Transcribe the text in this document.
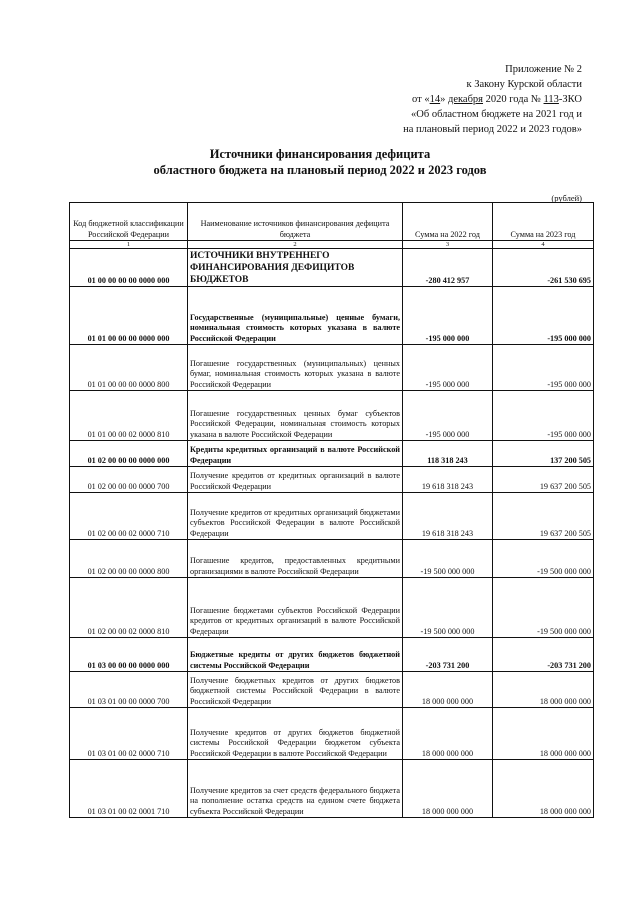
Приложение № 2
к Закону Курской области
от «14» декабря 2020 года № 113-ЗКО
«Об областном бюджете на 2021 год и
на плановый период 2022 и 2023 годов»
Источники финансирования дефицита
областного бюджета на плановый период 2022 и 2023 годов
(рублей)
Код бюджетной классификации Российской Федерации	Наименование источников финансирования дефицита бюджета	Сумма на 2022 год	Сумма на 2023 год
1	2	3	4
01 00 00 00 00 0000 000	ИСТОЧНИКИ ВНУТРЕННЕГО ФИНАНСИРОВАНИЯ ДЕФИЦИТОВ БЮДЖЕТОВ	-280 412 957	-261 530 695
01 01 00 00 00 0000 000	Государственные (муниципальные) ценные бумаги, номинальная стоимость которых указана в валюте Российской Федерации	-195 000 000	-195 000 000
01 01 00 00 00 0000 800	Погашение государственных (муниципальных) ценных бумаг, номинальная стоимость которых указана в валюте Российской Федерации	-195 000 000	-195 000 000
01 01 00 00 02 0000 810	Погашение государственных ценных бумаг субъектов Российской Федерации, номинальная стоимость которых указана в валюте Российской Федерации	-195 000 000	-195 000 000
01 02 00 00 00 0000 000	Кредиты кредитных организаций в валюте Российской Федерации	118 318 243	137 200 505
01 02 00 00 00 0000 700	Получение кредитов от кредитных организаций в валюте Российской Федерации	19 618 318 243	19 637 200 505
01 02 00 00 02 0000 710	Получение кредитов от кредитных организаций бюджетами субъектов Российской Федерации в валюте Российской Федерации	19 618 318 243	19 637 200 505
01 02 00 00 00 0000 800	Погашение кредитов, предоставленных кредитными организациями в валюте Российской Федерации	-19 500 000 000	-19 500 000 000
01 02 00 00 02 0000 810	Погашение бюджетами субъектов Российской Федерации кредитов от кредитных организаций в валюте Российской Федерации	-19 500 000 000	-19 500 000 000
01 03 00 00 00 0000 000	Бюджетные кредиты от других бюджетов бюджетной системы Российской Федерации	-203 731 200	-203 731 200
01 03 01 00 00 0000 700	Получение бюджетных кредитов от других бюджетов бюджетной системы Российской Федерации в валюте Российской Федерации	18 000 000 000	18 000 000 000
01 03 01 00 02 0000 710	Получение кредитов от других бюджетов бюджетной системы Российской Федерации бюджетом субъекта Российской Федерации в валюте Российской Федерации	18 000 000 000	18 000 000 000
01 03 01 00 02 0001 710	Получение кредитов за счет средств федерального бюджета на пополнение остатка средств на едином счете бюджета субъекта Российской Федерации	18 000 000 000	18 000 000 000
